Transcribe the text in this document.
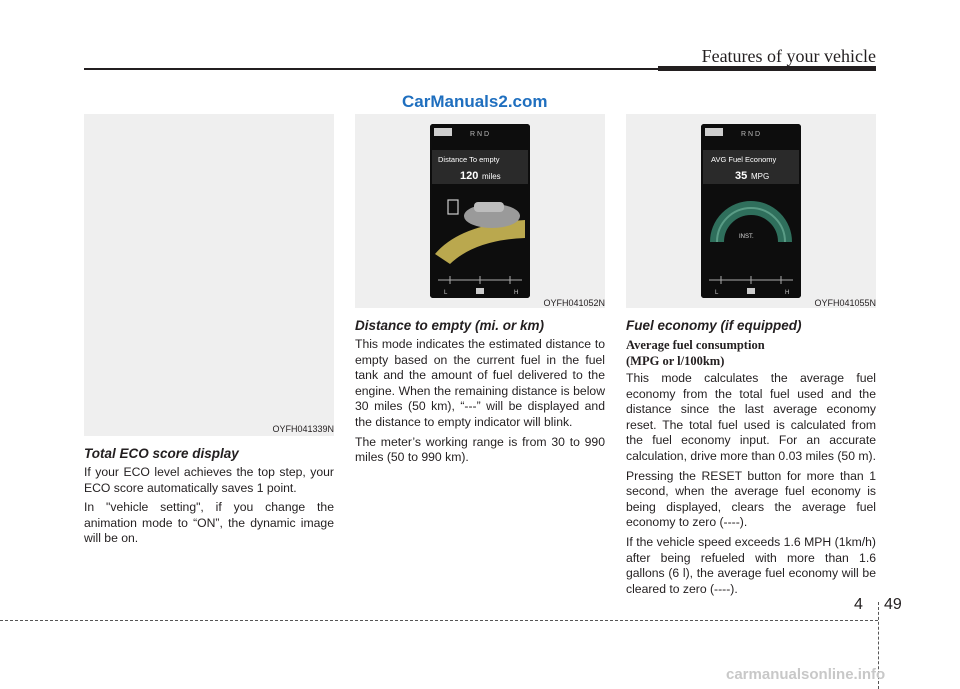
Features of your vehicle
CarManuals2.com
OYFH041339N
Total ECO score display

If your ECO level achieves the top step, your ECO score automatically saves 1 point.

In "vehicle setting", if you change the animation mode to “ON”, the dynamic image will be on.

R N D
Distance To empty
120 miles
L	H
OYFH041052N
Distance to empty (mi. or km)

This mode indicates the estimated distance to empty based on the current fuel in the fuel tank and the amount of fuel delivered to the engine. When the remaining distance is below 30 miles (50 km), “---” will be displayed and the distance to empty indicator will blink.

The meter’s working range is from 30 to 990 miles (50 to 990 km).

R N D
AVG Fuel Economy
35 MPG
INST.
L	H
OYFH041055N
Fuel economy (if equipped)
Average fuel consumption
(MPG or l/100km)

This mode calculates the average fuel economy from the total fuel used and the distance since the last average economy reset. The total fuel used is calculated from the fuel economy input. For an accurate calculation, drive more than 0.03 miles (50 m).

Pressing the RESET button for more than 1 second, when the average fuel economy is being displayed, clears the average fuel economy to zero (----).

If the vehicle speed exceeds 1.6 MPH (1km/h) after being refueled with more than 1.6 gallons (6 l), the average fuel economy will be cleared to zero (----).

4 49
carmanualsonline.info
